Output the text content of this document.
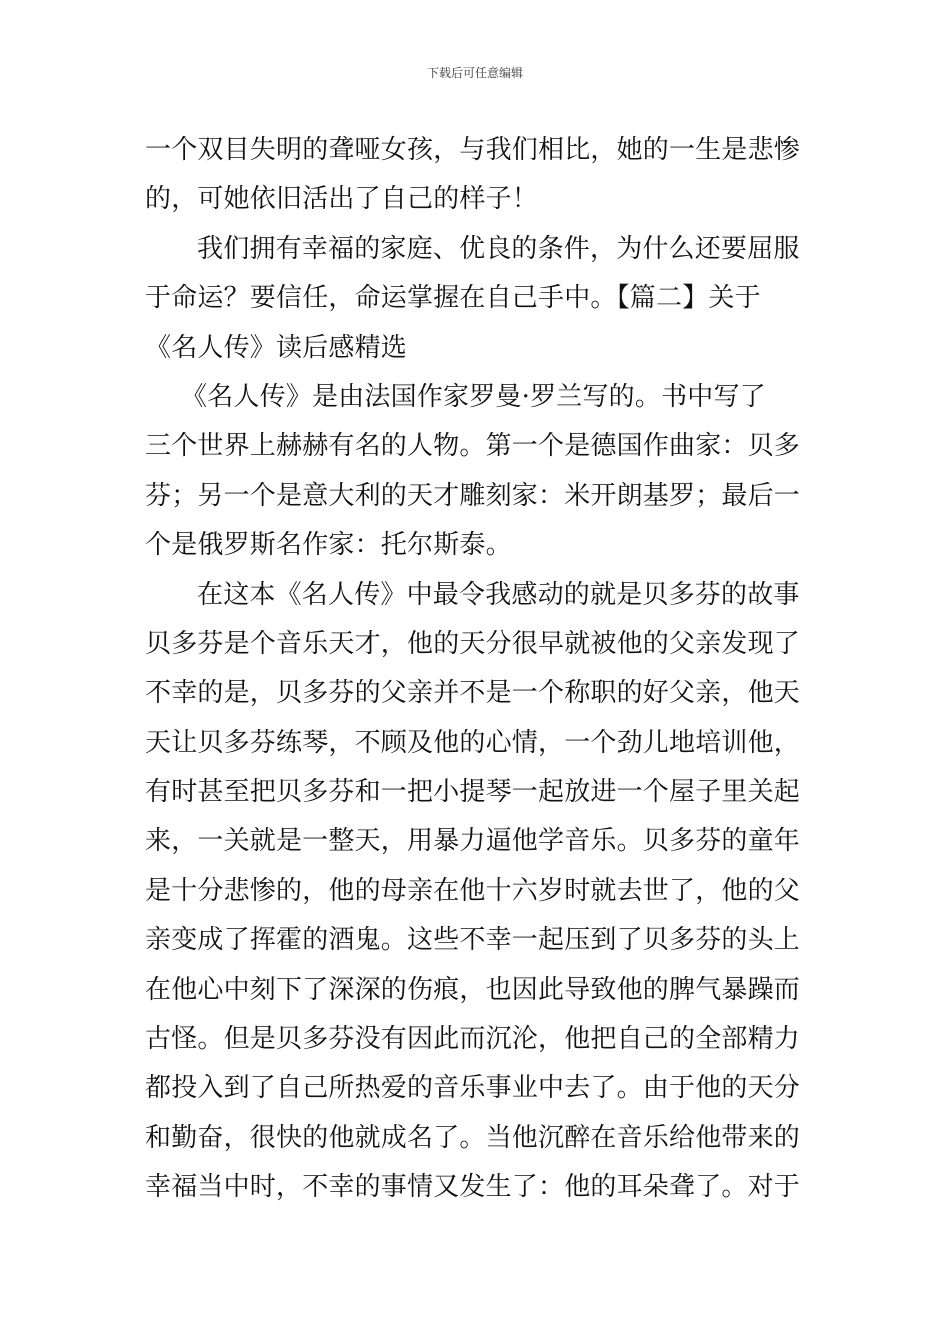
下载后可任意编辑
一个双目失明的聋哑女孩，与我们相比，她的一生是悲惨
的，可她依旧活出了自己的样子！
我们拥有幸福的家庭、优良的条件，为什么还要屈服
于命运？要信任，命运掌握在自己手中。【篇二】关于
《名人传》读后感精选
《名人传》是由法国作家罗曼·罗兰写的。书中写了
三个世界上赫赫有名的人物。第一个是德国作曲家：贝多
芬；另一个是意大利的天才雕刻家：米开朗基罗；最后一
个是俄罗斯名作家：托尔斯泰。
在这本《名人传》中最令我感动的就是贝多芬的故事
贝多芬是个音乐天才，他的天分很早就被他的父亲发现了
不幸的是，贝多芬的父亲并不是一个称职的好父亲，他天
天让贝多芬练琴，不顾及他的心情，一个劲儿地培训他，
有时甚至把贝多芬和一把小提琴一起放进一个屋子里关起
来，一关就是一整天，用暴力逼他学音乐。贝多芬的童年
是十分悲惨的，他的母亲在他十六岁时就去世了，他的父
亲变成了挥霍的酒鬼。这些不幸一起压到了贝多芬的头上
在他心中刻下了深深的伤痕，也因此导致他的脾气暴躁而
古怪。但是贝多芬没有因此而沉沦，他把自己的全部精力
都投入到了自己所热爱的音乐事业中去了。由于他的天分
和勤奋，很快的他就成名了。当他沉醉在音乐给他带来的
幸福当中时，不幸的事情又发生了：他的耳朵聋了。对于
